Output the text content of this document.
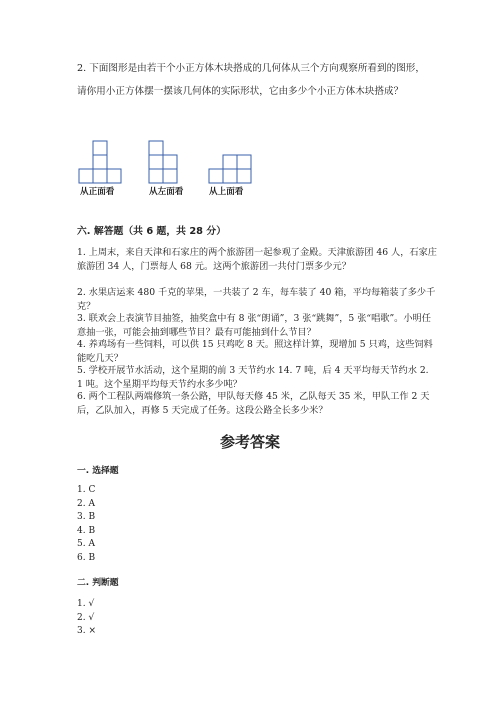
2. 下面图形是由若干个小正方体木块搭成的几何体从三个方向观察所看到的图形，请你用小正方体摆一摆该几何体的实际形状，它由多少个小正方体木块搭成？
从正面看	从左面看	从上面看
六. 解答题（共 6 题，共 28 分）
1. 上周末，来自天津和石家庄的两个旅游团一起参观了金殿。天津旅游团 46 人，石家庄旅游团 34 人，门票每人 68 元。这两个旅游团一共付门票多少元？
2. 水果店运来 480 千克的苹果，一共装了 2 车，每车装了 40 箱，平均每箱装了多少千克？
3. 联欢会上表演节目抽签，抽奖盒中有 8 张“朗诵”，3 张“跳舞”，5 张“唱歌”。小明任意抽一张，可能会抽到哪些节目？最有可能抽到什么节目？
4. 养鸡场有一些饲料，可以供 15 只鸡吃 8 天。照这样计算，现增加 5 只鸡，这些饲料能吃几天？
5. 学校开展节水活动，这个星期的前 3 天节约水 14. 7 吨，后 4 天平均每天节约水 2. 1 吨。这个星期平均每天节约水多少吨？
6. 两个工程队两端修筑一条公路，甲队每天修 45 米，乙队每天 35 米，甲队工作 2 天后，乙队加入，再修 5 天完成了任务。这段公路全长多少米？
参考答案
一. 选择题
1. C
2. A
3. B
4. B
5. A
6. B
二. 判断题
1. √
2. √
3. ×
